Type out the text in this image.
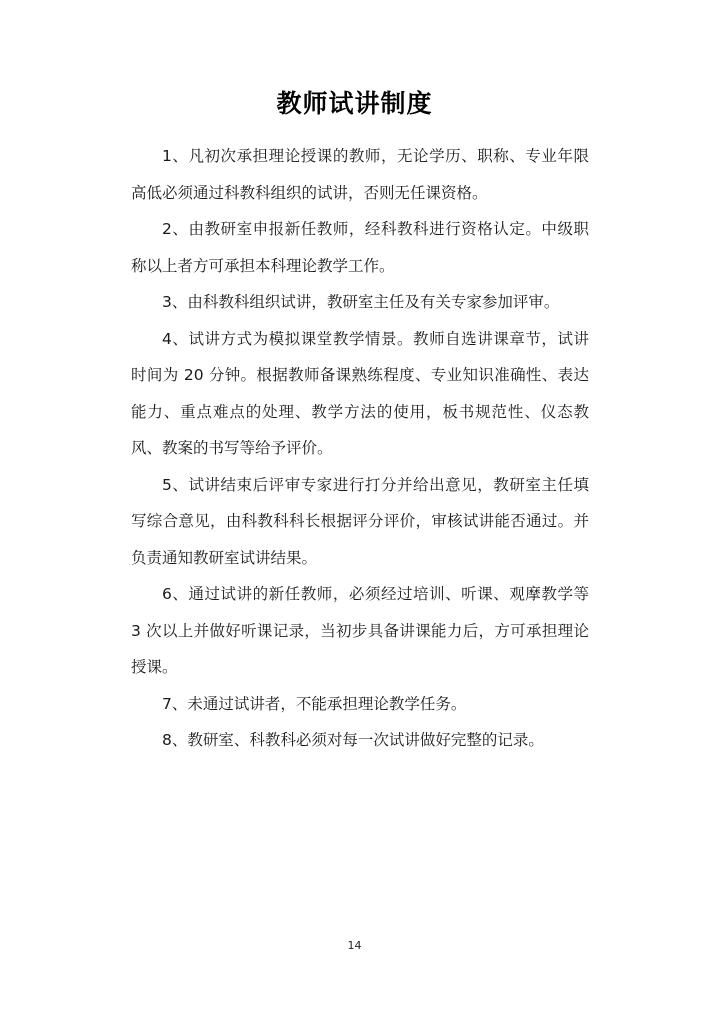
教师试讲制度

1、凡初次承担理论授课的教师，无论学历、职称、专业年限高低必须通过科教科组织的试讲，否则无任课资格。

2、由教研室申报新任教师，经科教科进行资格认定。中级职称以上者方可承担本科理论教学工作。

3、由科教科组织试讲，教研室主任及有关专家参加评审。

4、试讲方式为模拟课堂教学情景。教师自选讲课章节，试讲时间为 20 分钟。根据教师备课熟练程度、专业知识准确性、表达能力、重点难点的处理、教学方法的使用，板书规范性、仪态教风、教案的书写等给予评价。

5、试讲结束后评审专家进行打分并给出意见，教研室主任填写综合意见，由科教科科长根据评分评价，审核试讲能否通过。并负责通知教研室试讲结果。

6、通过试讲的新任教师，必须经过培训、听课、观摩教学等 3 次以上并做好听课记录，当初步具备讲课能力后，方可承担理论授课。

7、未通过试讲者，不能承担理论教学任务。

8、教研室、科教科必须对每一次试讲做好完整的记录。

14
